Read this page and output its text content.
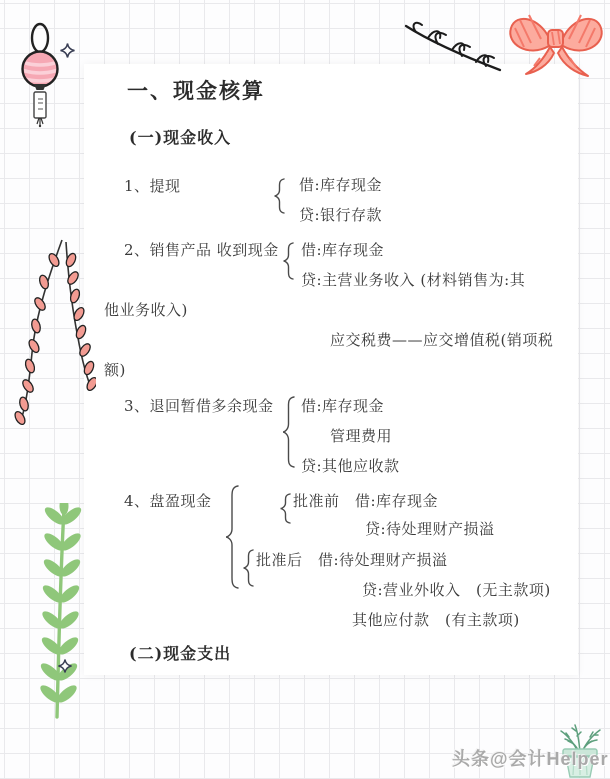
一、现金核算
(一)现金收入
1、提现	借:库存现金
贷:银行存款
2、销售产品 收到现金 借:库存现金
贷:主营业务收入 (材料销售为:其
他业务收入)
应交税费——应交增值税(销项税
额)
3、退回暂借多余现金 借:库存现金
管理费用
贷:其他应收款
4、盘盈现金	批准前　借:库存现金
贷:待处理财产损溢
批准后　借:待处理财产损溢
贷:营业外收入　(无主款项)
其他应付款　(有主款项)
(二)现金支出
头条@会计Helper
